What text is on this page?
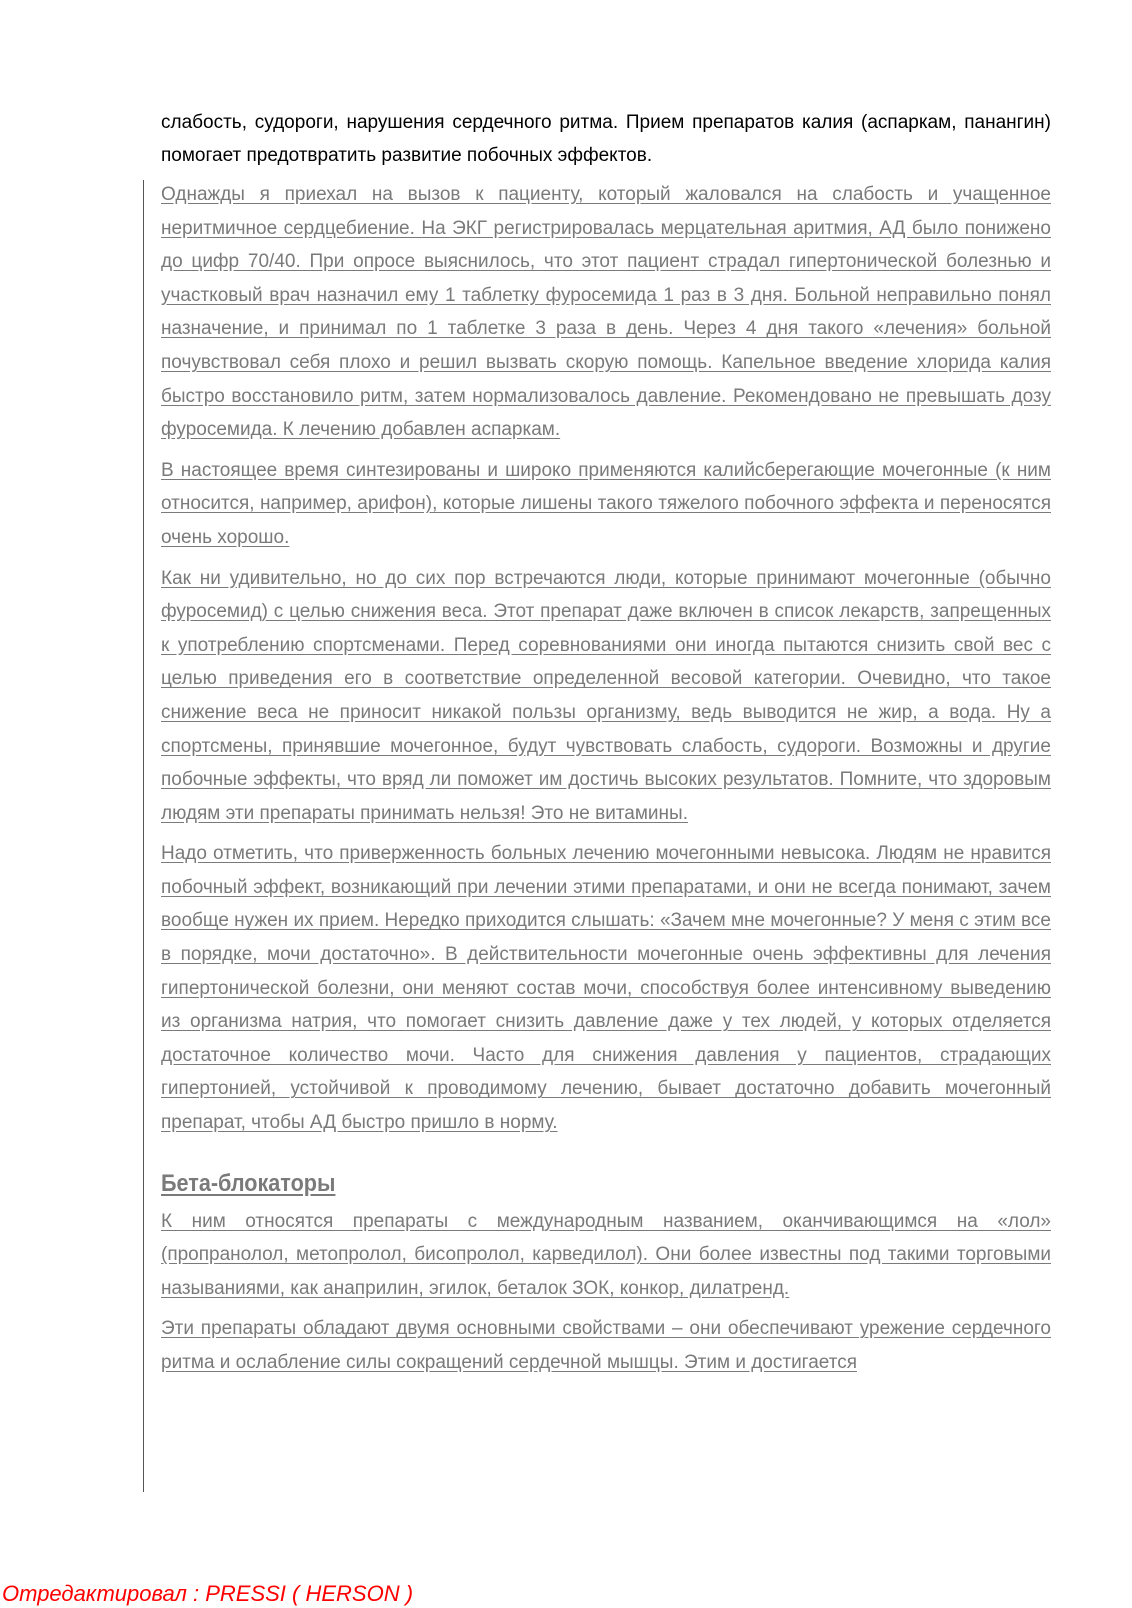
слабость, судороги, нарушения сердечного ритма. Прием препаратов калия (аспаркам, панангин) помогает предотвратить развитие побочных эффектов.

Однажды я приехал на вызов к пациенту, который жаловался на слабость и учащенное неритмичное сердцебиение. На ЭКГ регистрировалась мерцательная аритмия, АД было понижено до цифр 70/40. При опросе выяснилось, что этот пациент страдал гипертонической болезнью и участковый врач назначил ему 1 таблетку фуросемида 1 раз в 3 дня. Больной неправильно понял назначение, и принимал по 1 таблетке 3 раза в день. Через 4 дня такого «лечения» больной почувствовал себя плохо и решил вызвать скорую помощь. Капельное введение хлорида калия быстро восстановило ритм, затем нормализовалось давление. Рекомендовано не превышать дозу фуросемида. К лечению добавлен аспаркам.

В настоящее время синтезированы и широко применяются калийсберегающие мочегонные (к ним относится, например, арифон), которые лишены такого тяжелого побочного эффекта и переносятся очень хорошо.

Как ни удивительно, но до сих пор встречаются люди, которые принимают мочегонные (обычно фуросемид) с целью снижения веса. Этот препарат даже включен в список лекарств, запрещенных к употреблению спортсменами. Перед соревнованиями они иногда пытаются снизить свой вес с целью приведения его в соответствие определенной весовой категории. Очевидно, что такое снижение веса не приносит никакой пользы организму, ведь выводится не жир, а вода. Ну а спортсмены, принявшие мочегонное, будут чувствовать слабость, судороги. Возможны и другие побочные эффекты, что вряд ли поможет им достичь высоких результатов. Помните, что здоровым людям эти препараты принимать нельзя! Это не витамины.

Надо отметить, что приверженность больных лечению мочегонными невысока. Людям не нравится побочный эффект, возникающий при лечении этими препаратами, и они не всегда понимают, зачем вообще нужен их прием. Нередко приходится слышать: «Зачем мне мочегонные? У меня с этим все в порядке, мочи достаточно». В действительности мочегонные очень эффективны для лечения гипертонической болезни, они меняют состав мочи, способствуя более интенсивному выведению из организма натрия, что помогает снизить давление даже у тех людей, у которых отделяется достаточное количество мочи. Часто для снижения давления у пациентов, страдающих гипертонией, устойчивой к проводимому лечению, бывает достаточно добавить мочегонный препарат, чтобы АД быстро пришло в норму.

Бета-блокаторы

К ним относятся препараты с международным названием, оканчивающимся на «лол» (пропранолол, метопролол, бисопролол, карведилол). Они более известны под такими торговыми называниями, как анаприлин, эгилок, беталок ЗОК, конкор, дилатренд.

Эти препараты обладают двумя основными свойствами – они обеспечивают урежение сердечного ритма и ослабление силы сокращений сердечной мышцы. Этим и достигается

Отредактировал : PRESSI ( HERSON )
